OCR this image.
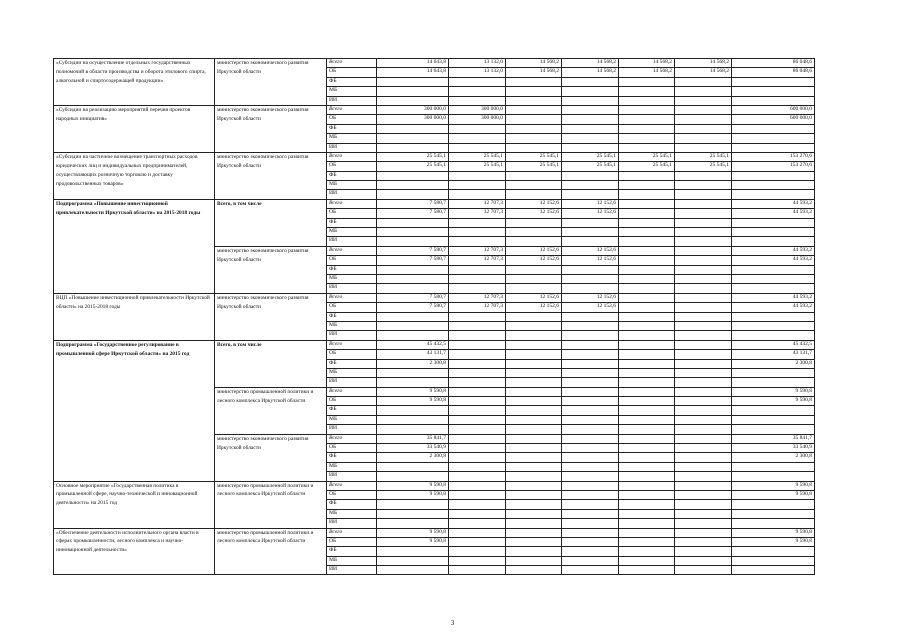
«Субсидии на осуществление отдельных государственных полномочий в области производства и оборота этилового спирта, алкогольной и спиртосодержащей продукции»	министерство экономического развития Иркутской области	Всего	14 643,8	13 132,0	14 568,2	14 568,2	14 568,2	14 568,2	86 048,6
		ОБ	14 643,8	13 132,0	14 568,2	14 568,2	14 568,2	14 568,2	86 048,6
		ФБ							
		МБ							
		ИИ							
«Субсидии на реализацию мероприятий перечня проектов народных инициатив»	министерство экономического развития Иркутской области	Всего	300 000,0	300 000,0					600 000,0
		ОБ	300 000,0	300 000,0					600 000,0
		ФБ							
		МБ							
		ИИ							
«Субсидии на частичное возмещение транспортных расходов юридических лиц и индивидуальных предпринимателей, осуществляющих розничную торговлю и доставку продовольственных товаров»	министерство экономического развития Иркутской области	Всего	25 545,1	25 545,1	25 545,1	25 545,1	25 545,1	25 545,1	153 270,6
		ОБ	25 545,1	25 545,1	25 545,1	25 545,1	25 545,1	25 545,1	153 270,6
		ФБ							
		МБ							
		ИИ							
Подпрограмма «Повышение инвестиционной привлекательности Иркутской области» на 2015-2018 годы	Всего, в том числе	Всего	7 580,7	12 707,3	12 152,6	12 152,6			44 593,2
		ОБ	7 580,7	12 707,3	12 152,6	12 152,6			44 593,2
		ФБ							
		МБ							
		ИИ							
	министерство экономического развития Иркутской области	Всего	7 580,7	12 707,3	12 152,6	12 152,6			44 593,2
		ОБ	7 580,7	12 707,3	12 152,6	12 152,6			44 593,2
		ФБ							
		МБ							
		ИИ							
ВЦП «Повышение инвестиционной привлекательности Иркутской области» на 2015-2018 годы	министерство экономического развития Иркутской области	Всего	7 580,7	12 707,3	12 152,6	12 152,6			44 593,2
		ОБ	7 580,7	12 707,3	12 152,6	12 152,6			44 593,2
		ФБ							
		МБ							
		ИИ							
Подпрограмма «Государственное регулирование в промышленной сфере Иркутской области» на 2015 год	Всего, в том числе	Всего	45 432,5						45 432,5
		ОБ	43 131,7						43 131,7
		ФБ	2 300,8						2 300,8
		МБ							
		ИИ							
	министерство промышленной политики и лесного комплекса Иркутской области	Всего	9 590,8						9 590,8
		ОБ	9 590,8						9 590,8
		ФБ							
		МБ							
		ИИ							
	министерство экономического развития Иркутской области	Всего	35 841,7						35 841,7
		ОБ	33 540,9						33 540,9
		ФБ	2 300,8						2 300,8
		МБ							
		ИИ							
Основное мероприятие «Государственная политика в промышленной сфере, научно-технической и инновационной деятельности» на 2015 год	министерство промышленной политики и лесного комплекса Иркутской области	Всего	9 590,8						9 590,8
		ОБ	9 590,8						9 590,8
		ФБ							
		МБ							
		ИИ							
«Обеспечение деятельности исполнительного органа власти в сферах промышленности, лесного комплекса и научно-инновационной деятельности»	министерство промышленной политики и лесного комплекса Иркутской области	Всего	9 590,8						9 590,8
		ОБ	9 590,8						9 590,8
		ФБ							
		МБ							
		ИИ							
3
